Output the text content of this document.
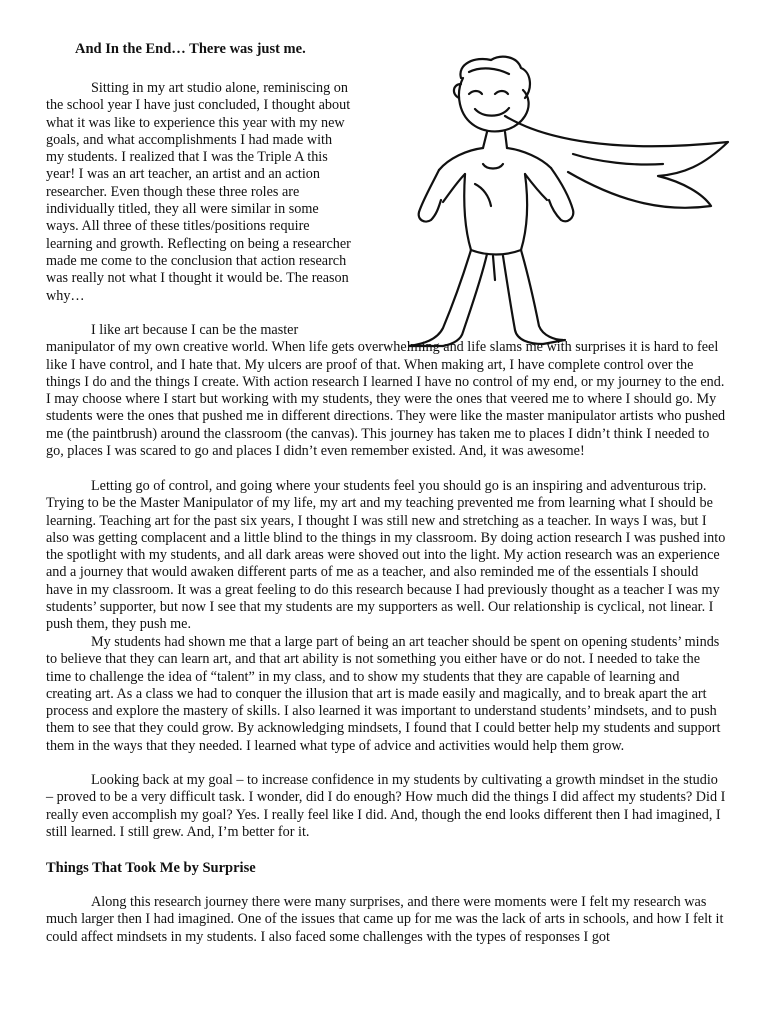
And In the End… There was just me.

Sitting in my art studio alone, reminiscing on the school year I have just concluded, I thought about what it was like to experience this year with my new goals, and what accomplishments I had made with my students. I realized that I was the Triple A this year! I was an art teacher, an artist and an action researcher. Even though these three roles are individually titled, they all were similar in some ways. All three of these titles/positions require learning and growth. Reflecting on being a researcher made me come to the conclusion that action research was really not what I thought it would be. The reason why…

I like art because I can be the master
manipulator of my own creative world. When life gets overwhelming and life slams me with surprises it is hard to feel like I have control, and I hate that. My ulcers are proof of that. When making art, I have complete control over the things I do and the things I create. With action research I learned I have no control of my end, or my journey to the end. I may choose where I start but working with my students, they were the ones that veered me to where I should go. My students were the ones that pushed me in different directions. They were like the master manipulator artists who pushed me (the paintbrush) around the classroom (the canvas). This journey has taken me to places I didn’t think I needed to go, places I was scared to go and places I didn’t even remember existed. And, it was awesome!

Letting go of control, and going where your students feel you should go is an inspiring and adventurous trip. Trying to be the Master Manipulator of my life, my art and my teaching prevented me from learning what I should be learning. Teaching art for the past six years, I thought I was still new and stretching as a teacher. In ways I was, but I also was getting complacent and a little blind to the things in my classroom. By doing action research I was pushed into the spotlight with my students, and all dark areas were shoved out into the light. My action research was an experience and a journey that would awaken different parts of me as a teacher, and also reminded me of the essentials I should have in my classroom. It was a great feeling to do this research because I had previously thought as a teacher I was my students’ supporter, but now I see that my students are my supporters as well. Our relationship is cyclical, not linear. I push them, they push me.

My students had shown me that a large part of being an art teacher should be spent on opening students’ minds to believe that they can learn art, and that art ability is not something you either have or do not. I needed to take the time to challenge the idea of “talent” in my class, and to show my students that they are capable of learning and creating art. As a class we had to conquer the illusion that art is made easily and magically, and to break apart the art process and explore the mastery of skills. I also learned it was important to understand students’ mindsets, and to push them to see that they could grow. By acknowledging mindsets, I found that I could better help my students and support them in the ways that they needed. I learned what type of advice and activities would help them grow.

Looking back at my goal – to increase confidence in my students by cultivating a growth mindset in the studio – proved to be a very difficult task. I wonder, did I do enough? How much did the things I did affect my students? Did I really even accomplish my goal? Yes. I really feel like I did. And, though the end looks different then I had imagined, I still learned. I still grew. And, I’m better for it.

Things That Took Me by Surprise

Along this research journey there were many surprises, and there were moments were I felt my research was much larger then I had imagined. One of the issues that came up for me was the lack of arts in schools, and how I felt it could affect mindsets in my students. I also faced some challenges with the types of responses I got
